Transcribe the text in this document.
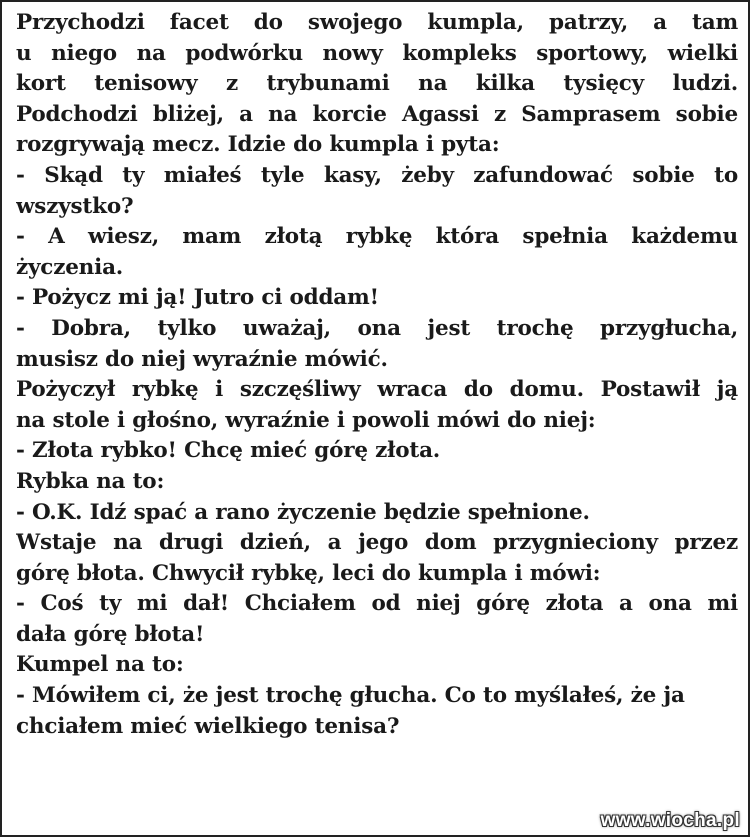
Przychodzi facet do swojego kumpla, patrzy, a tam
u niego na podwórku nowy kompleks sportowy, wielki
kort tenisowy z trybunami na kilka tysięcy ludzi.
Podchodzi bliżej, a na korcie Agassi z Samprasem sobie
rozgrywają mecz. Idzie do kumpla i pyta:
- Skąd ty miałeś tyle kasy, żeby zafundować sobie to
wszystko?
- A wiesz, mam złotą rybkę która spełnia każdemu
życzenia.
- Pożycz mi ją! Jutro ci oddam!
- Dobra, tylko uważaj, ona jest trochę przygłucha,
musisz do niej wyraźnie mówić.
Pożyczył rybkę i szczęśliwy wraca do domu. Postawił ją
na stole i głośno, wyraźnie i powoli mówi do niej:
- Złota rybko! Chcę mieć górę złota.
Rybka na to:
- O.K. Idź spać a rano życzenie będzie spełnione.
Wstaje na drugi dzień, a jego dom przygnieciony przez
górę błota. Chwycił rybkę, leci do kumpla i mówi:
- Coś ty mi dał! Chciałem od niej górę złota a ona mi
dała górę błota!
Kumpel na to:
- Mówiłem ci, że jest trochę głucha. Co to myślałeś, że ja
chciałem mieć wielkiego tenisa?
www.wiocha.pl
